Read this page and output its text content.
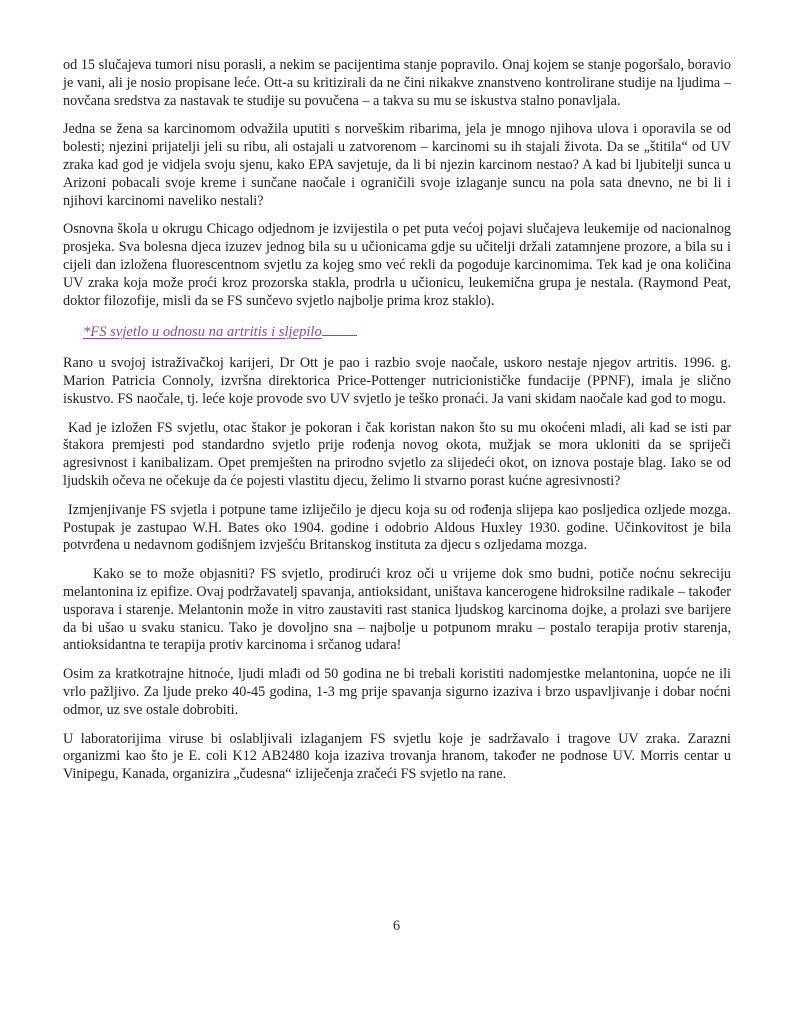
od 15 slučajeva tumori nisu porasli, a nekim se pacijentima stanje popravilo. Onaj kojem se stanje pogoršalo, boravio je vani, ali je nosio propisane leće. Ott-a su kritizirali da ne čini nikakve znanstveno kontrolirane studije na ljudima – novčana sredstva za nastavak te studije su povučena – a takva su mu se iskustva stalno ponavljala.

Jedna se žena sa karcinomom odvažila uputiti s norveškim ribarima, jela je mnogo njihova ulova i oporavila se od bolesti; njezini prijatelji jeli su ribu, ali ostajali u zatvorenom – karcinomi su ih stajali života. Da se „štitila“ od UV zraka kad god je vidjela svoju sjenu, kako EPA savjetuje, da li bi njezin karcinom nestao? A kad bi ljubitelji sunca u Arizoni pobacali svoje kreme i sunčane naočale i ograničili svoje izlaganje suncu na pola sata dnevno, ne bi li i njihovi karcinomi naveliko nestali?

Osnovna škola u okrugu Chicago odjednom je izvijestila o pet puta većoj pojavi slučajeva leukemije od nacionalnog prosjeka. Sva bolesna djeca izuzev jednog bila su u učionicama gdje su učitelji držali zatamnjene prozore, a bila su i cijeli dan izložena fluorescentnom svjetlu za kojeg smo već rekli da pogoduje karcinomima. Tek kad je ona količina UV zraka koja može proći kroz prozorska stakla, prodrla u učionicu, leukemična grupa je nestala. (Raymond Peat, doktor filozofije, misli da se FS sunčevo svjetlo najbolje prima kroz staklo).

*FS svjetlo u odnosu na artritis i sljepilo

Rano u svojoj istraživačkoj karijeri, Dr Ott je pao i razbio svoje naočale, uskoro nestaje njegov artritis. 1996. g. Marion Patricia Connoly, izvršna direktorica Price-Pottenger nutricionističke fundacije (PPNF), imala je slično iskustvo. FS naočale, tj. leće koje provode svo UV svjetlo je teško pronaći. Ja vani skidam naočale kad god to mogu.

Kad je izložen FS svjetlu, otac štakor je pokoran i čak koristan nakon što su mu okoćeni mladi, ali kad se isti par štakora premjesti pod standardno svjetlo prije rođenja novog okota, mužjak se mora ukloniti da se spriječi agresivnost i kanibalizam. Opet premješten na prirodno svjetlo za slijedeći okot, on iznova postaje blag. Iako se od ljudskih očeva ne očekuje da će pojesti vlastitu djecu, želimo li stvarno porast kućne agresivnosti?

Izmjenjivanje FS svjetla i potpune tame izliječilo je djecu koja su od rođenja slijepa kao posljedica ozljede mozga. Postupak je zastupao W.H. Bates oko 1904. godine i odobrio Aldous Huxley 1930. godine. Učinkovitost je bila potvrđena u nedavnom godišnjem izvješću Britanskog instituta za djecu s ozljedama mozga.

Kako se to može objasniti? FS svjetlo, prodirući kroz oči u vrijeme dok smo budni, potiče noćnu sekreciju melantonina iz epifize. Ovaj podržavatelj spavanja, antioksidant, uništava kancerogene hidroksilne radikale – također usporava i starenje. Melantonin može in vitro zaustaviti rast stanica ljudskog karcinoma dojke, a prolazi sve barijere da bi ušao u svaku stanicu. Tako je dovoljno sna – najbolje u potpunom mraku – postalo terapija protiv starenja, antioksidantna te terapija protiv karcinoma i srčanog udara!

Osim za kratkotrajne hitnoće, ljudi mlađi od 50 godina ne bi trebali koristiti nadomjestke melantonina, uopće ne ili vrlo pažljivo. Za ljude preko 40-45 godina, 1-3 mg prije spavanja sigurno izaziva i brzo uspavljivanje i dobar noćni odmor, uz sve ostale dobrobiti.

U laboratorijima viruse bi oslabljivali izlaganjem FS svjetlu koje je sadržavalo i tragove UV zraka. Zarazni organizmi kao što je E. coli K12 AB2480 koja izaziva trovanja hranom, također ne podnose UV. Morris centar u Vinipegu, Kanada, organizira „čudesna“ izliječenja zračeći FS svjetlo na rane.

6
